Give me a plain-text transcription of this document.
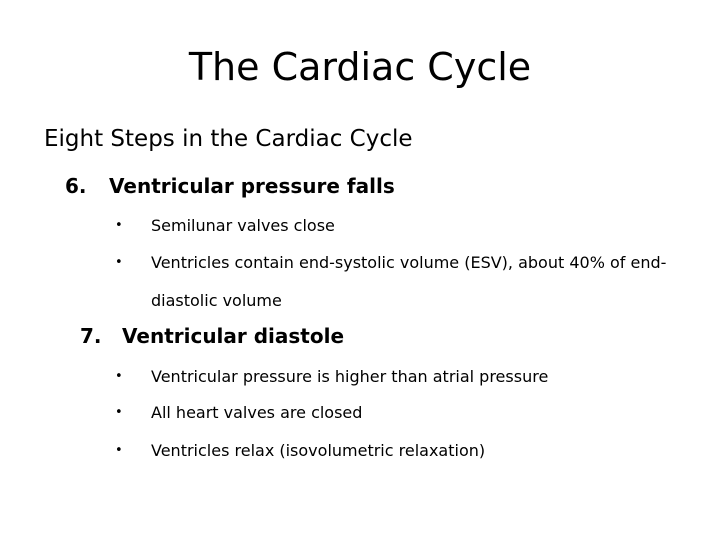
The Cardiac Cycle

Eight Steps in the Cardiac Cycle

6. Ventricular pressure falls
•	Semilunar valves close
•	Ventricles contain end-systolic volume (ESV), about 40% of end-diastolic volume
7. Ventricular diastole
•	Ventricular pressure is higher than atrial pressure
•	All heart valves are closed
•	Ventricles relax (isovolumetric relaxation)
